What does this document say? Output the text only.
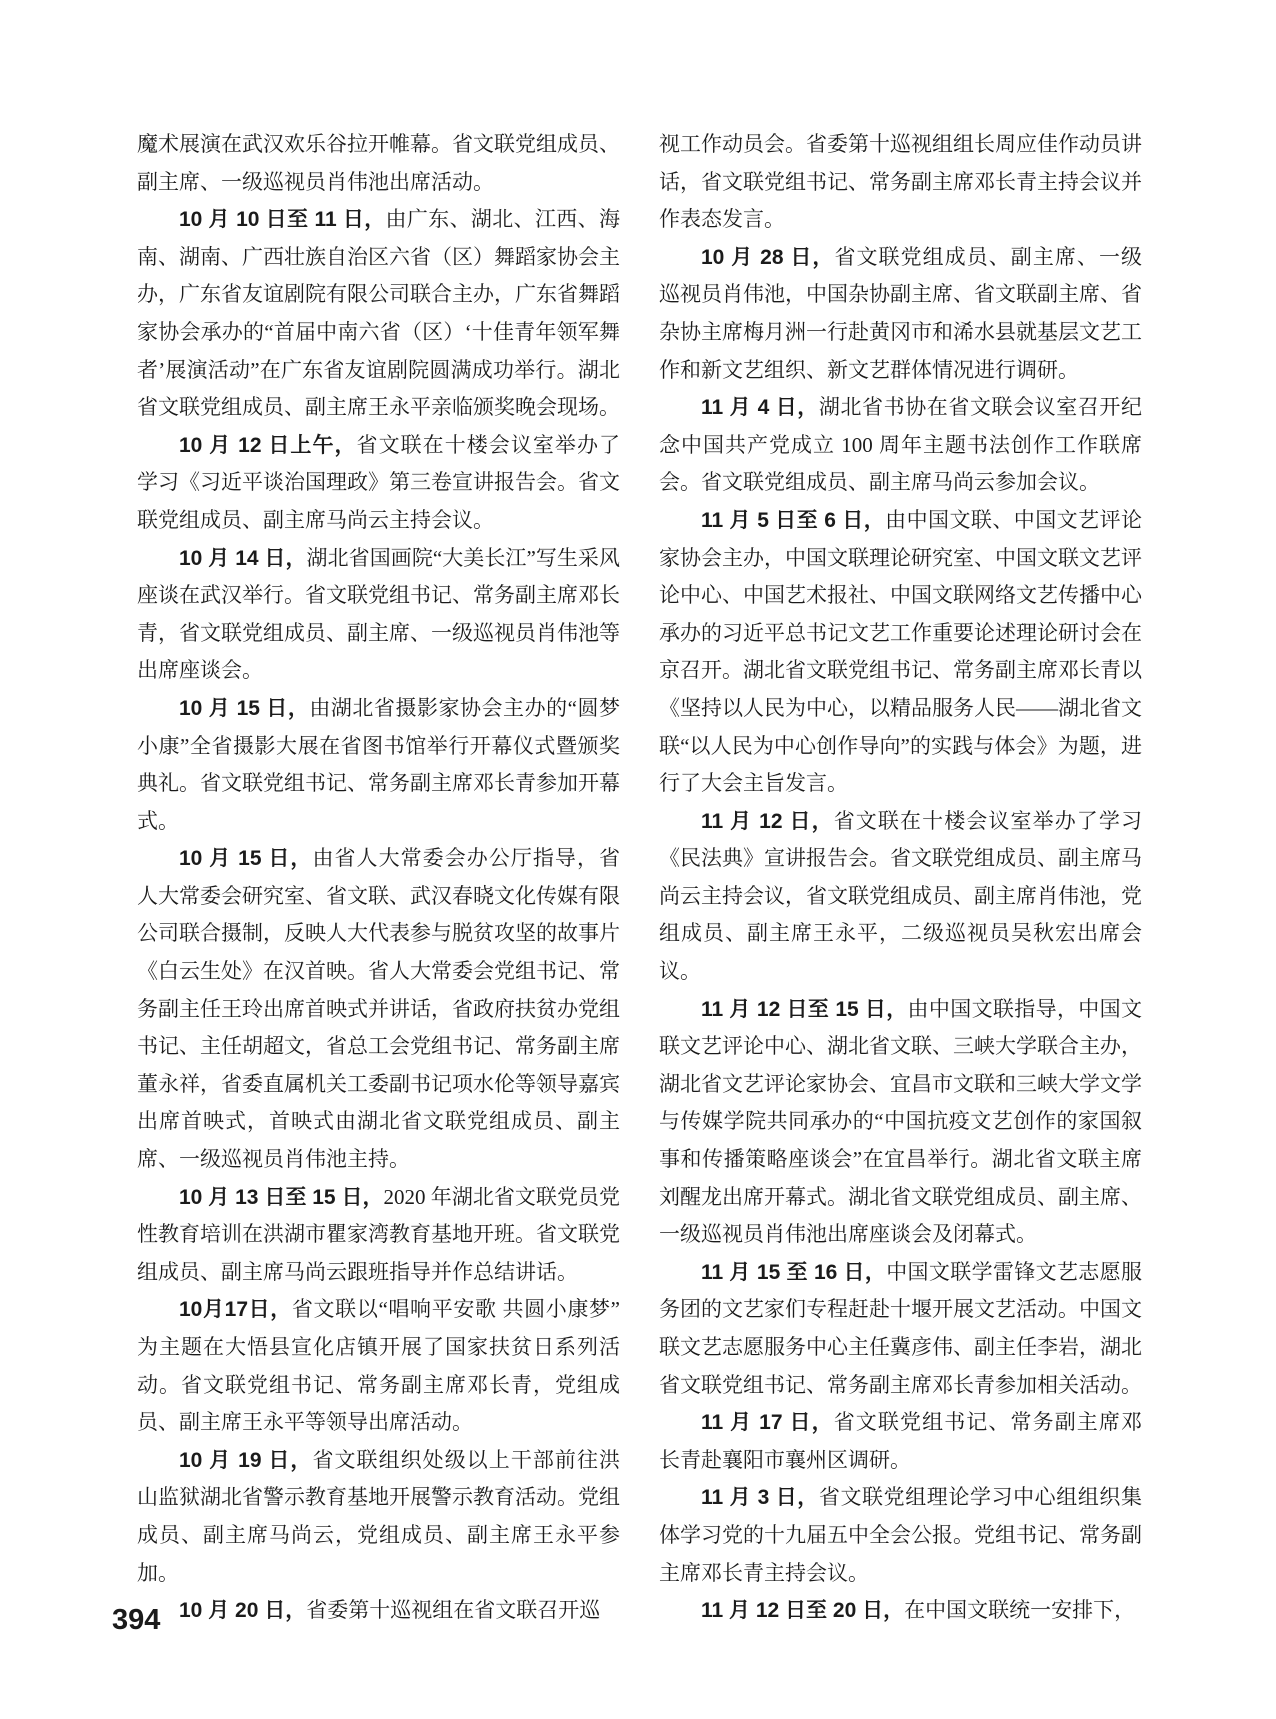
魔术展演在武汉欢乐谷拉开帷幕。省文联党组成员、副主席、一级巡视员肖伟池出席活动。

10 月 10 日至 11 日，由广东、湖北、江西、海南、湖南、广西壮族自治区六省（区）舞蹈家协会主办，广东省友谊剧院有限公司联合主办，广东省舞蹈家协会承办的“首届中南六省（区）‘十佳青年领军舞者’展演活动”在广东省友谊剧院圆满成功举行。湖北省文联党组成员、副主席王永平亲临颁奖晚会现场。

10 月 12 日上午，省文联在十楼会议室举办了学习《习近平谈治国理政》第三卷宣讲报告会。省文联党组成员、副主席马尚云主持会议。

10 月 14 日，湖北省国画院“大美长江”写生采风座谈在武汉举行。省文联党组书记、常务副主席邓长青，省文联党组成员、副主席、一级巡视员肖伟池等出席座谈会。

10 月 15 日，由湖北省摄影家协会主办的“圆梦小康”全省摄影大展在省图书馆举行开幕仪式暨颁奖典礼。省文联党组书记、常务副主席邓长青参加开幕式。

10 月 15 日，由省人大常委会办公厅指导，省人大常委会研究室、省文联、武汉春晓文化传媒有限公司联合摄制，反映人大代表参与脱贫攻坚的故事片《白云生处》在汉首映。省人大常委会党组书记、常务副主任王玲出席首映式并讲话，省政府扶贫办党组书记、主任胡超文，省总工会党组书记、常务副主席董永祥，省委直属机关工委副书记项水伦等领导嘉宾出席首映式，首映式由湖北省文联党组成员、副主席、一级巡视员肖伟池主持。

10 月 13 日至 15 日，2020 年湖北省文联党员党性教育培训在洪湖市瞿家湾教育基地开班。省文联党组成员、副主席马尚云跟班指导并作总结讲话。

10月17日，省文联以“唱响平安歌 共圆小康梦”为主题在大悟县宣化店镇开展了国家扶贫日系列活动。省文联党组书记、常务副主席邓长青，党组成员、副主席王永平等领导出席活动。

10 月 19 日，省文联组织处级以上干部前往洪山监狱湖北省警示教育基地开展警示教育活动。党组成员、副主席马尚云，党组成员、副主席王永平参加。

10 月 20 日，省委第十巡视组在省文联召开巡

视工作动员会。省委第十巡视组组长周应佳作动员讲话，省文联党组书记、常务副主席邓长青主持会议并作表态发言。

10 月 28 日，省文联党组成员、副主席、一级巡视员肖伟池，中国杂协副主席、省文联副主席、省杂协主席梅月洲一行赴黄冈市和浠水县就基层文艺工作和新文艺组织、新文艺群体情况进行调研。

11 月 4 日，湖北省书协在省文联会议室召开纪念中国共产党成立 100 周年主题书法创作工作联席会。省文联党组成员、副主席马尚云参加会议。

11 月 5 日至 6 日，由中国文联、中国文艺评论家协会主办，中国文联理论研究室、中国文联文艺评论中心、中国艺术报社、中国文联网络文艺传播中心承办的习近平总书记文艺工作重要论述理论研讨会在京召开。湖北省文联党组书记、常务副主席邓长青以《坚持以人民为中心，以精品服务人民——湖北省文联“以人民为中心创作导向”的实践与体会》为题，进行了大会主旨发言。

11 月 12 日，省文联在十楼会议室举办了学习《民法典》宣讲报告会。省文联党组成员、副主席马尚云主持会议，省文联党组成员、副主席肖伟池，党组成员、副主席王永平，二级巡视员吴秋宏出席会议。

11 月 12 日至 15 日，由中国文联指导，中国文联文艺评论中心、湖北省文联、三峡大学联合主办，湖北省文艺评论家协会、宜昌市文联和三峡大学文学与传媒学院共同承办的“中国抗疫文艺创作的家国叙事和传播策略座谈会”在宜昌举行。湖北省文联主席刘醒龙出席开幕式。湖北省文联党组成员、副主席、一级巡视员肖伟池出席座谈会及闭幕式。

11 月 15 至 16 日，中国文联学雷锋文艺志愿服务团的文艺家们专程赶赴十堰开展文艺活动。中国文联文艺志愿服务中心主任冀彦伟、副主任李岩，湖北省文联党组书记、常务副主席邓长青参加相关活动。

11 月 17 日，省文联党组书记、常务副主席邓长青赴襄阳市襄州区调研。

11 月 3 日，省文联党组理论学习中心组组织集体学习党的十九届五中全会公报。党组书记、常务副主席邓长青主持会议。

11 月 12 日至 20 日，在中国文联统一安排下，

394
